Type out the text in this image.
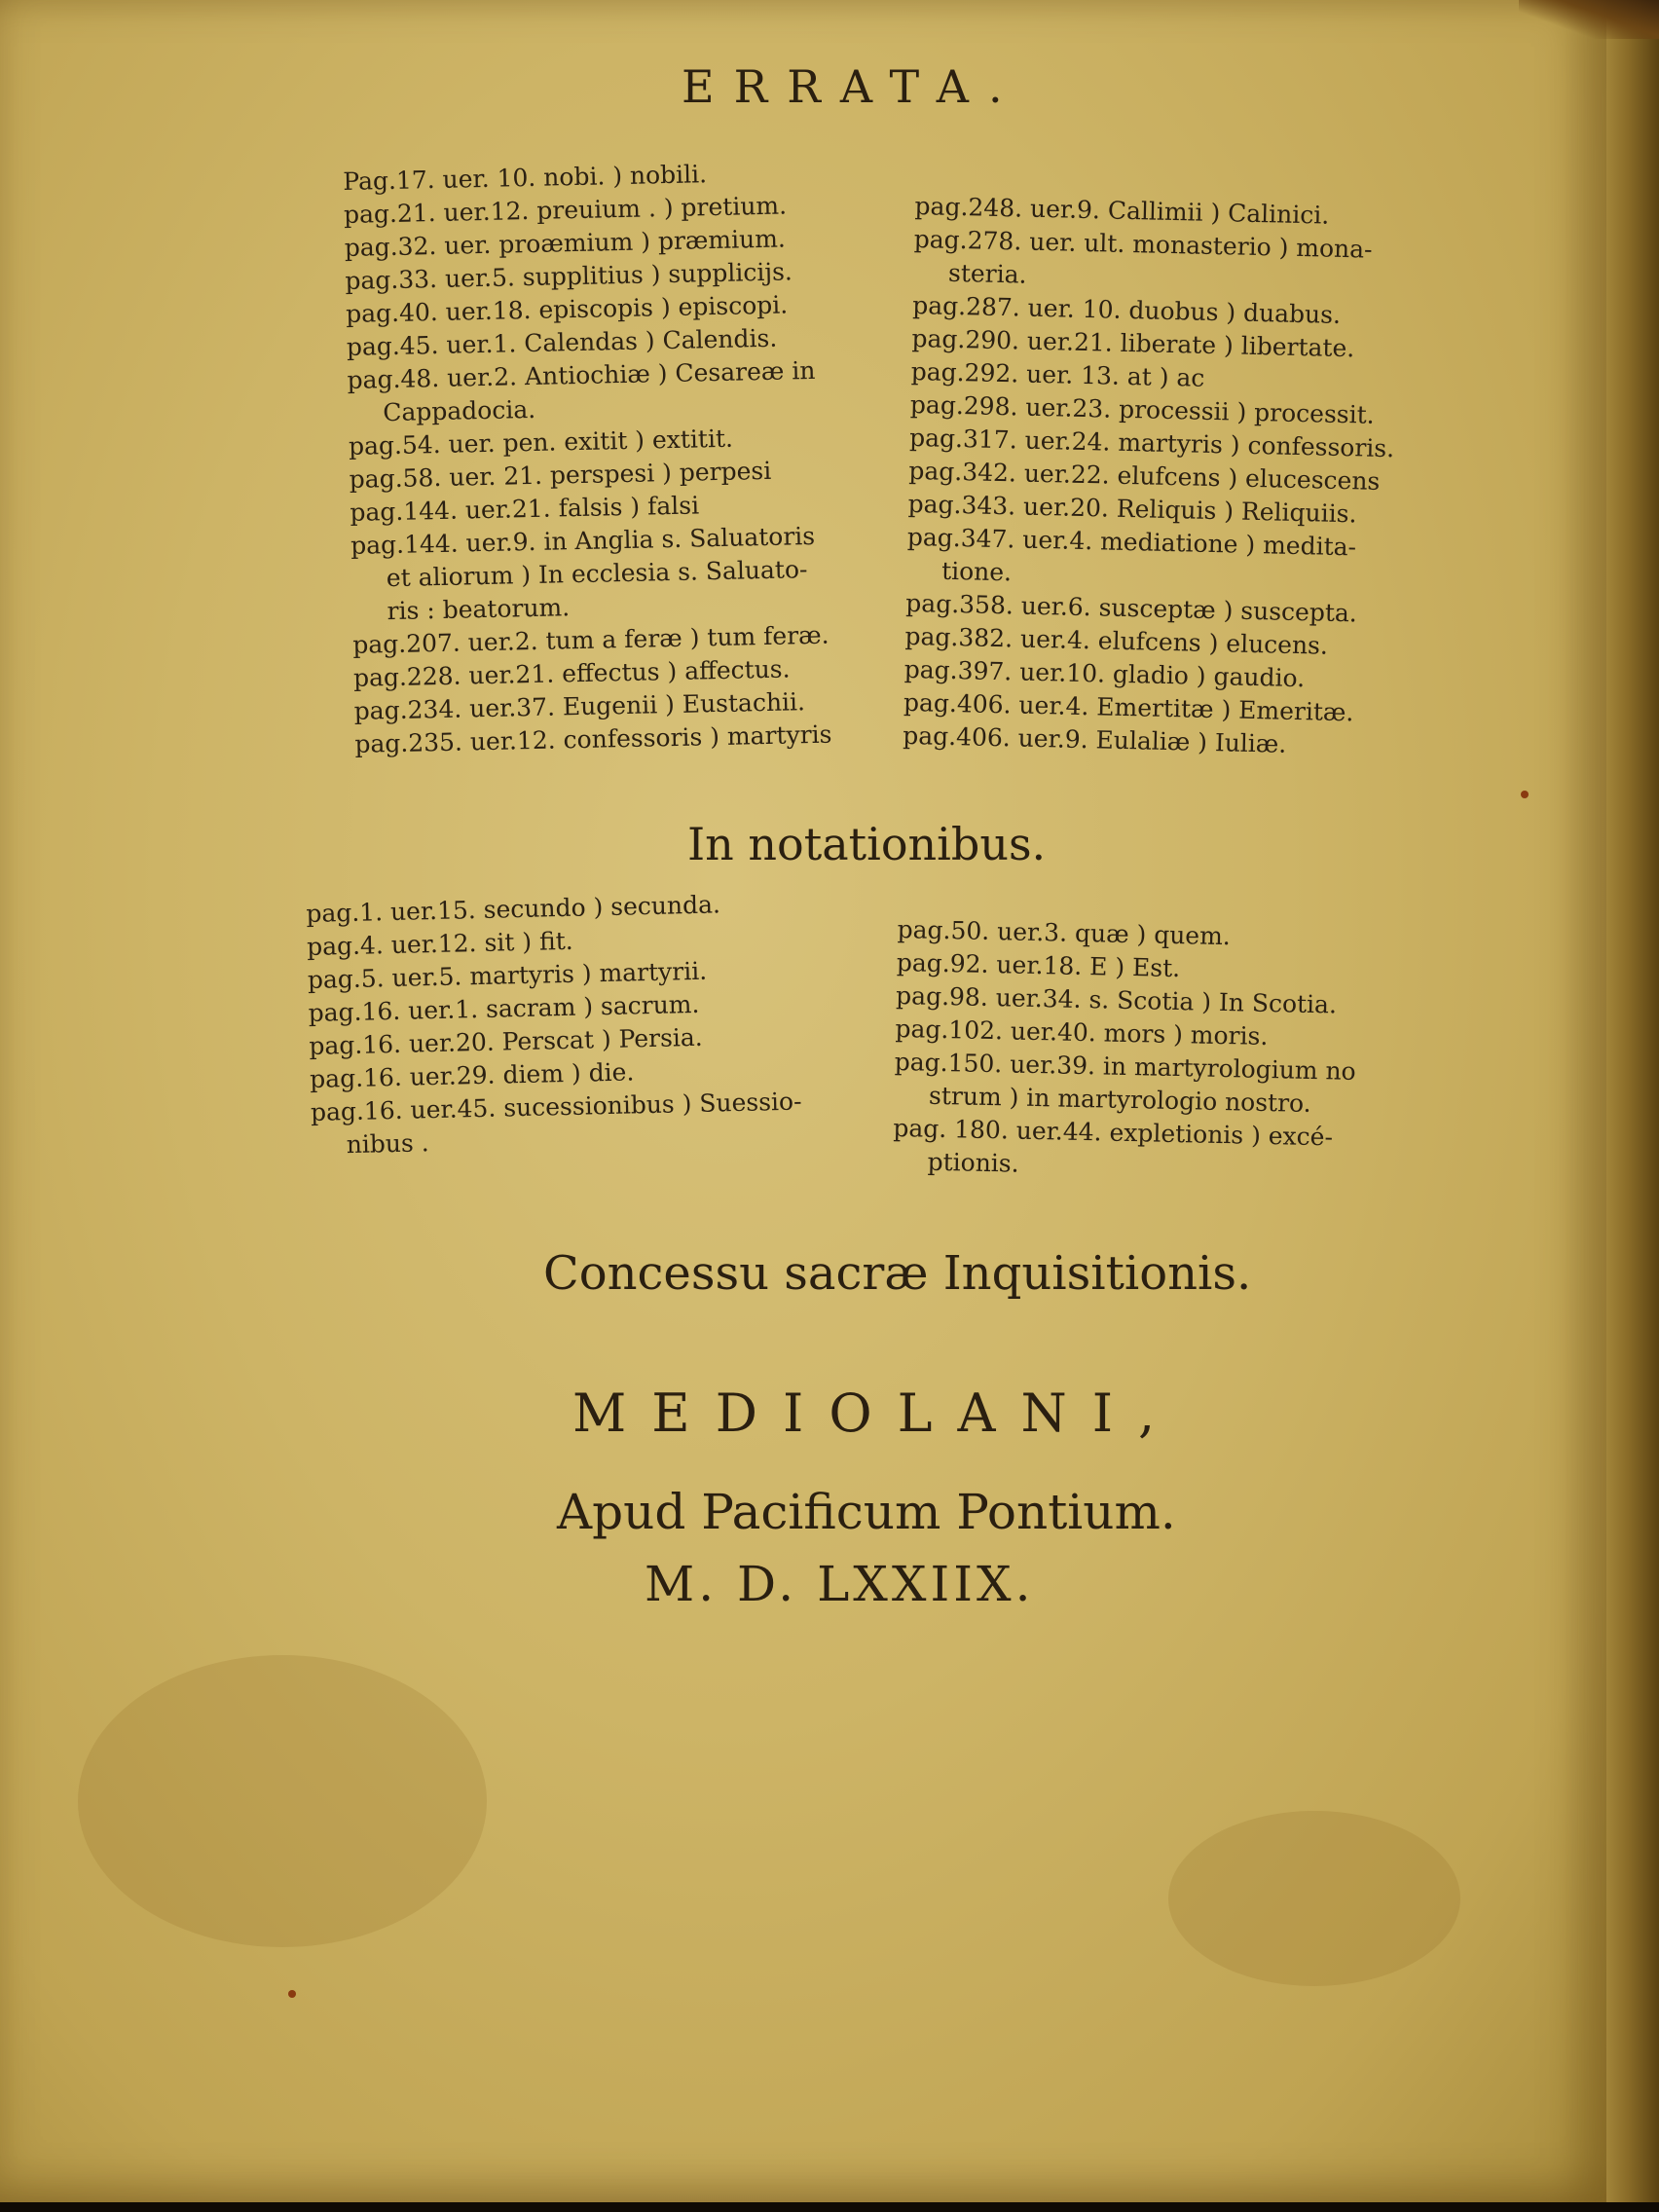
ERRATA.
Pag.17. uer. 10. nobi. ) nobili.
pag.21. uer.12. preuium . ) pretium.
pag.32. uer. proæmium ) præmium.
pag.33. uer.5. supplitius ) supplicijs.
pag.40. uer.18. episcopis ) episcopi.
pag.45. uer.1. Calendas ) Calendis.
pag.48. uer.2. Antiochiæ ) Cesareæ in
Cappadocia.
pag.54. uer. pen. exitit ) extitit.
pag.58. uer. 21. perspesi ) perpesi
pag.144. uer.21. falsis ) falsi
pag.144. uer.9. in Anglia s. Saluatoris
et aliorum ) In ecclesia s. Saluato-
ris : beatorum.
pag.207. uer.2. tum a feræ ) tum feræ.
pag.228. uer.21. effectus ) affectus.
pag.234. uer.37. Eugenii ) Eustachii.
pag.235. uer.12. confessoris ) martyris
pag.248. uer.9. Callimii ) Calinici.
pag.278. uer. ult. monasterio ) mona-
steria.
pag.287. uer. 10. duobus ) duabus.
pag.290. uer.21. liberate ) libertate.
pag.292. uer. 13. at ) ac
pag.298. uer.23. processii ) processit.
pag.317. uer.24. martyris ) confessoris.
pag.342. uer.22. elufcens ) elucescens
pag.343. uer.20. Reliquis ) Reliquiis.
pag.347. uer.4. mediatione ) medita-
tione.
pag.358. uer.6. susceptæ ) suscepta.
pag.382. uer.4. elufcens ) elucens.
pag.397. uer.10. gladio ) gaudio.
pag.406. uer.4. Emertitæ ) Emeritæ.
pag.406. uer.9. Eulaliæ ) Iuliæ.
In notationibus.
pag.1. uer.15. secundo ) secunda.
pag.4. uer.12. sit ) fit.
pag.5. uer.5. martyris ) martyrii.
pag.16. uer.1. sacram ) sacrum.
pag.16. uer.20. Perscat ) Persia.
pag.16. uer.29. diem ) die.
pag.16. uer.45. sucessionibus ) Suessio-
nibus .
pag.50. uer.3. quæ ) quem.
pag.92. uer.18. E ) Est.
pag.98. uer.34. s. Scotia ) In Scotia.
pag.102. uer.40. mors ) moris.
pag.150. uer.39. in martyrologium no
strum ) in martyrologio nostro.
pag. 180. uer.44. expletionis ) excé-
ptionis.
Concessu sacræ Inquisitionis.
MEDIOLANI,
Apud Pacificum Pontium.
M. D. LXXIIX.
